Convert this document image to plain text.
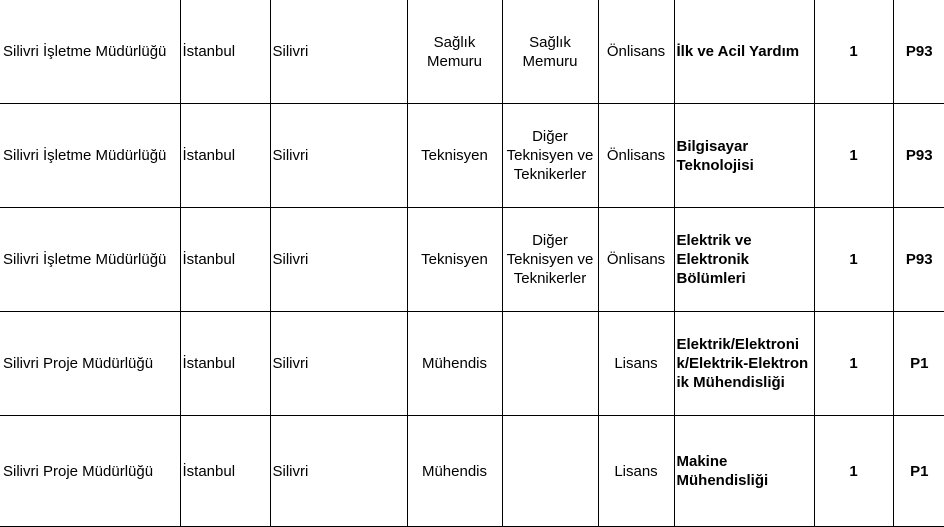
Silivri İşletme Müdürlüğü	İstanbul	Silivri	Sağlık Memuru	Sağlık Memuru	Önlisans	İlk ve Acil Yardım	1	P93
Silivri İşletme Müdürlüğü	İstanbul	Silivri	Teknisyen	Diğer Teknisyen ve Teknikerler	Önlisans	Bilgisayar Teknolojisi	1	P93
Silivri İşletme Müdürlüğü	İstanbul	Silivri	Teknisyen	Diğer Teknisyen ve Teknikerler	Önlisans	Elektrik ve Elektronik Bölümleri	1	P93
Silivri Proje Müdürlüğü	İstanbul	Silivri	Mühendis		Lisans	Elektrik/Elektronik/Elektrik-Elektronik Mühendisliği	1	P1
Silivri Proje Müdürlüğü	İstanbul	Silivri	Mühendis		Lisans	Makine Mühendisliği	1	P1
